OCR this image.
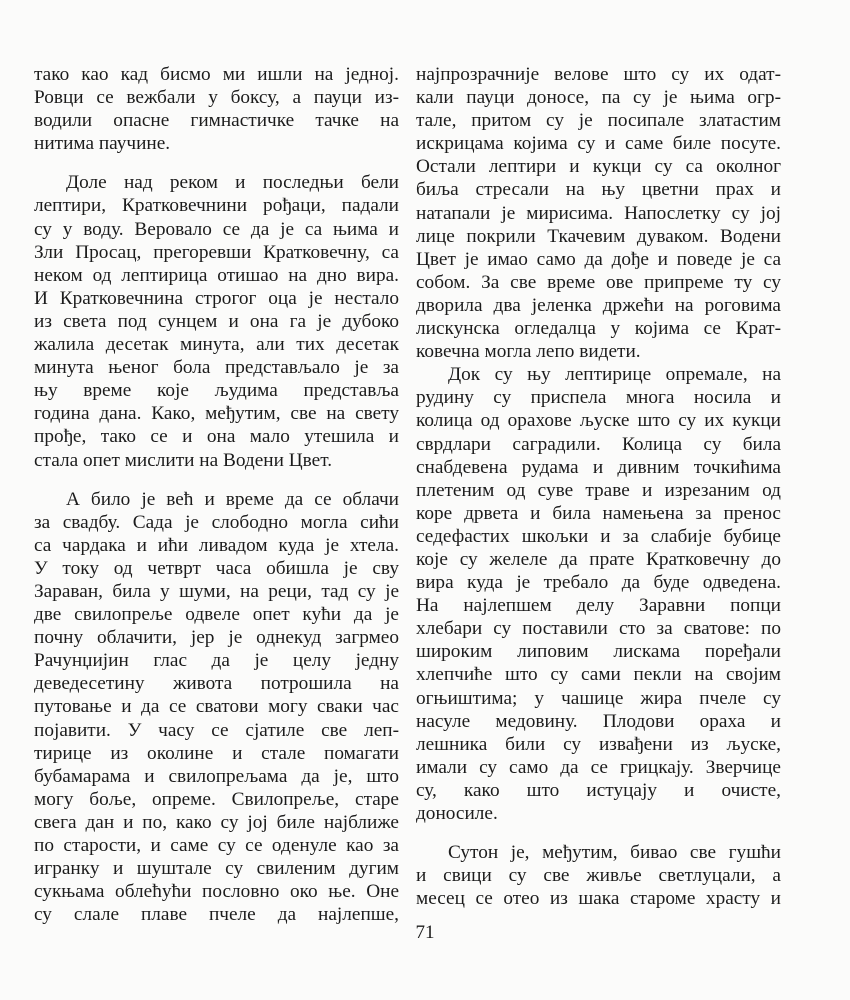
тако као кад бисмо ми ишли на једној.
Ровци се вежбали у боксу, а пауци из-
водили опасне гимнастичке тачке на
нитима паучине.
Доле над реком и последњи бели
лептири, Кратковечнини рођаци, падали
су у воду. Веровало се да је са њима и
Зли Просац, прегоревши Кратковечну, са
неком од лептирица отишао на дно вира.
И Кратковечнина строгог оца је нестало
из света под сунцем и она га је дубоко
жалила десетак минута, али тих десетак
минута њеног бола представљало је за
њу време које људима представља
година дана. Како, међутим, све на свету
прође, тако се и она мало утешила и
стала опет мислити на Водени Цвет.
А било је већ и време да се облачи
за свадбу. Сада је слободно могла сићи
са чардака и ићи ливадом куда је хтела.
У току од четврт часа обишла је сву
Зараван, била у шуми, на реци, тад су је
две свилопреље одвеле опет кући да је
почну облачити, јер је однекуд загрмео
Рачунџијин глас да је целу једну
деведесетину живота потрошила на
путовање и да се сватови могу сваки час
појавити. У часу се сјатиле све леп-
тирице из околине и стале помагати
бубамарама и свилопрељама да је, што
могу боље, опреме. Свилопреље, старе
свега дан и по, како су јој биле најближе
по старости, и саме су се оденуле као за
игранку и шуштале су свиленим дугим
сукњама облећући пословно око ње. Оне
су слале плаве пчеле да најлепше,
најпрозрачније велове што су их одат-
кали пауци доносе, па су је њима огр-
тале, притом су је посипале златастим
искрицама којима су и саме биле посуте.
Остали лептири и кукци су са околног
биља стресали на њу цветни прах и
натапали је мирисима. Напослетку су јој
лице покрили Ткачевим дуваком. Водени
Цвет је имао само да дође и поведе је са
собом. За све време ове припреме ту су
дворила два јеленка држећи на роговима
лискунска огледалца у којима се Крат-
ковечна могла лепо видети.
Док су њу лептирице опремале, на
рудину су приспела многа носила и
колица од ораховe љуске што су их кукци
сврдлари саградили. Колица су била
снабдевена рудама и дивним точкићима
плетеним од суве траве и изрезаним од
коре дрвета и била намењена за пренос
седефастих шкољки и за слабије бубице
које су желеле да прате Кратковечну до
вира куда је требало да буде одведена.
На најлепшем делу Заравни попци
хлебари су поставили сто за сватове: по
широким липовим лискама поређали
хлепчиће што су сами пекли на својим
огњиштима; у чашице жира пчеле су
насуле медовину. Плодови ораха и
лешника били су извађени из љуске,
имали су само да се грицкају. Зверчице
су, како што истуцају и очисте,
доносиле.
Сутон је, међутим, бивао све гушћи
и свици су све живље светлуцали, а
месец се отео из шака староме храсту и
71
